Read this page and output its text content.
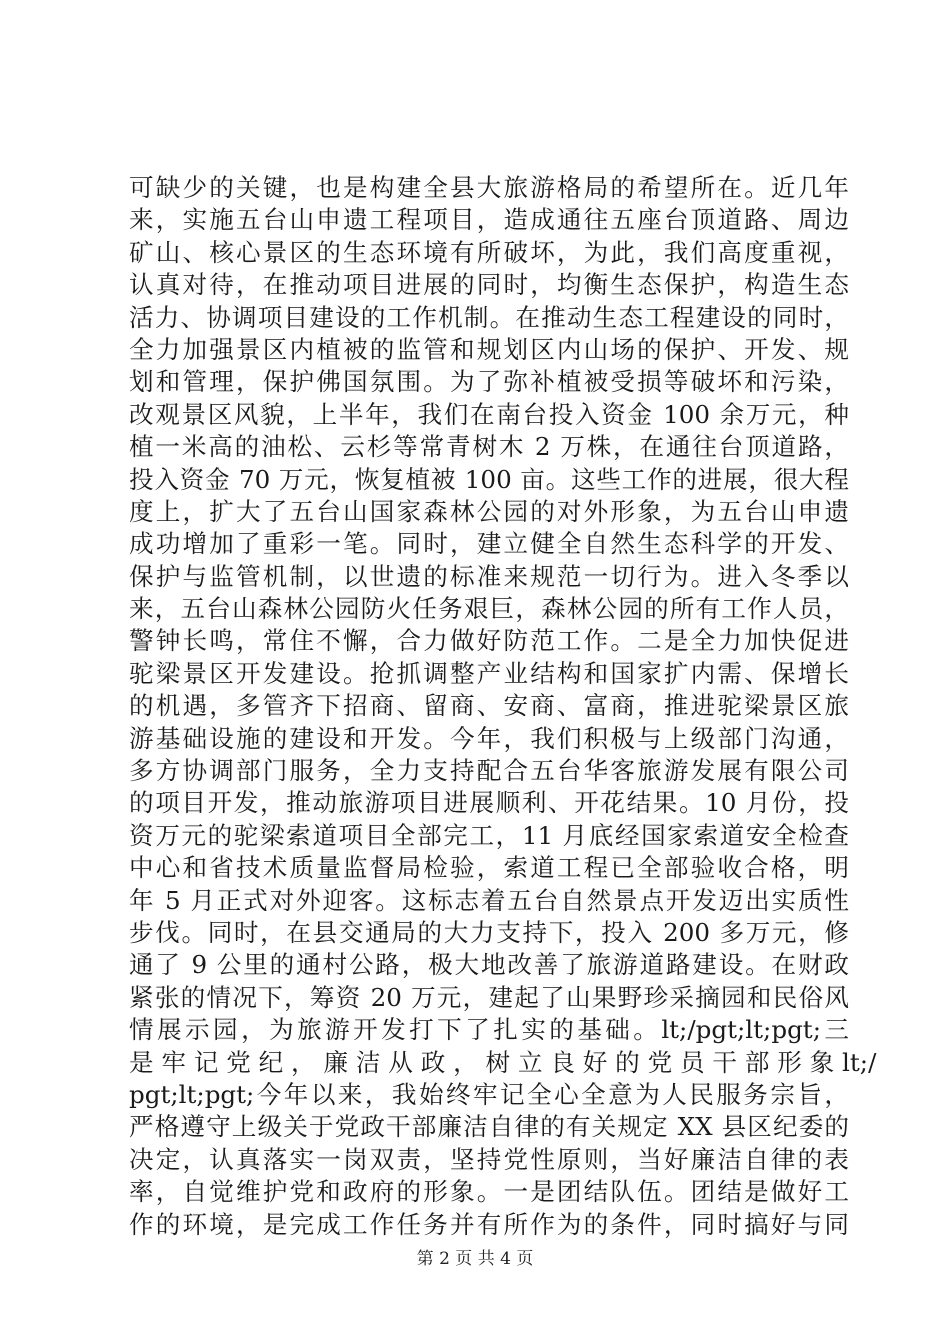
可缺少的关键，也是构建全县大旅游格局的希望所在。近几年
来，实施五台山申遗工程项目，造成通往五座台顶道路、周边
矿山、核心景区的生态环境有所破坏，为此，我们高度重视，
认真对待，在推动项目进展的同时，均衡生态保护，构造生态
活力、协调项目建设的工作机制。在推动生态工程建设的同时，
全力加强景区内植被的监管和规划区内山场的保护、开发、规
划和管理，保护佛国氛围。为了弥补植被受损等破坏和污染，
改观景区风貌，上半年，我们在南台投入资金 100 余万元，种
植一米高的油松、云杉等常青树木 2 万株，在通往台顶道路，
投入资金 70 万元，恢复植被 100 亩。这些工作的进展，很大程
度上，扩大了五台山国家森林公园的对外形象，为五台山申遗
成功增加了重彩一笔。同时，建立健全自然生态科学的开发、
保护与监管机制，以世遗的标准来规范一切行为。进入冬季以
来，五台山森林公园防火任务艰巨，森林公园的所有工作人员，
警钟长鸣，常住不懈，合力做好防范工作。二是全力加快促进
驼梁景区开发建设。抢抓调整产业结构和国家扩内需、保增长
的机遇，多管齐下招商、留商、安商、富商，推进驼梁景区旅
游基础设施的建设和开发。今年，我们积极与上级部门沟通，
多方协调部门服务，全力支持配合五台华客旅游发展有限公司
的项目开发，推动旅游项目进展顺利、开花结果。10 月份，投
资万元的驼梁索道项目全部完工，11 月底经国家索道安全检查
中心和省技术质量监督局检验，索道工程已全部验收合格，明
年 5 月正式对外迎客。这标志着五台自然景点开发迈出实质性
步伐。同时，在县交通局的大力支持下，投入 200 多万元，修
通了 9 公里的通村公路，极大地改善了旅游道路建设。在财政
紧张的情况下，筹资 20 万元，建起了山果野珍采摘园和民俗风
情展示园，为旅游开发打下了扎实的基础。lt;/pgt;lt;pgt;三
是 牢 记 党 纪 ， 廉 洁 从 政 ， 树 立 良 好 的 党 员 干 部 形 象 lt;/
pgt;lt;pgt;今年以来，我始终牢记全心全意为人民服务宗旨，
严格遵守上级关于党政干部廉洁自律的有关规定 XX 县区纪委的
决定，认真落实一岗双责，坚持党性原则，当好廉洁自律的表
率，自觉维护党和政府的形象。一是团结队伍。团结是做好工
作的环境，是完成工作任务并有所作为的条件，同时搞好与同
第 2 页 共 4 页
